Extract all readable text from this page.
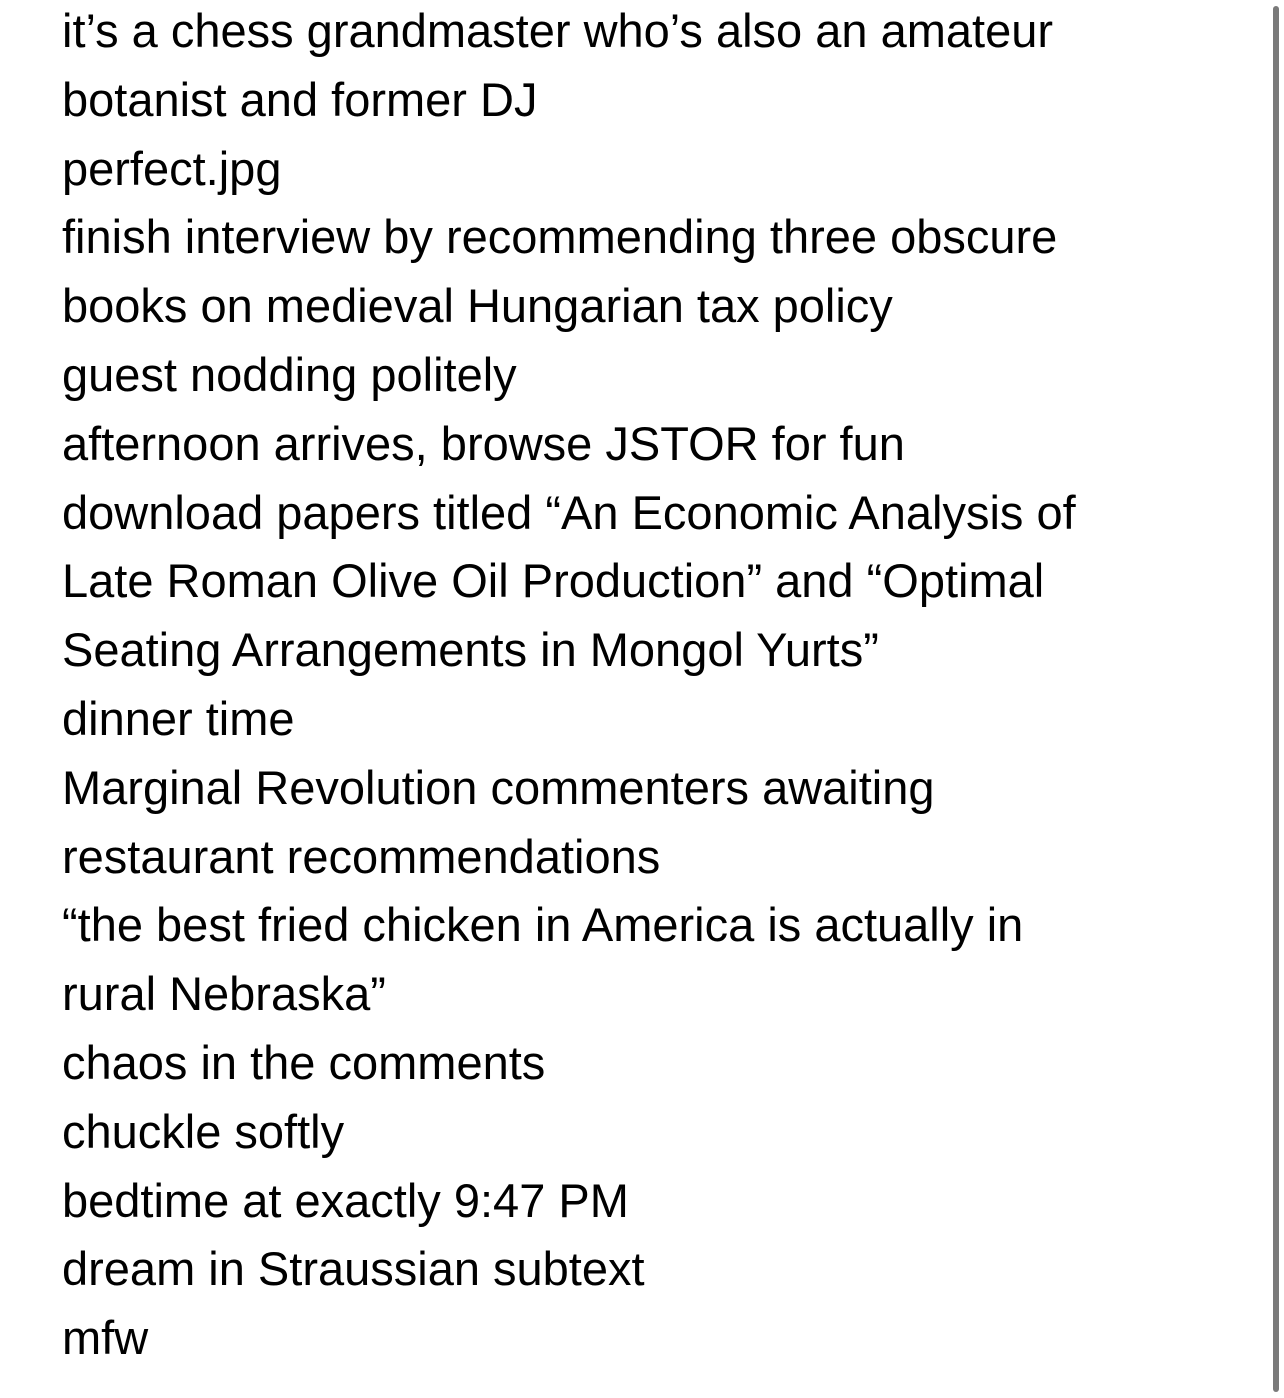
it’s a chess grandmaster who’s also an amateur
botanist and former DJ
perfect.jpg
finish interview by recommending three obscure
books on medieval Hungarian tax policy
guest nodding politely
afternoon arrives, browse JSTOR for fun
download papers titled “An Economic Analysis of
Late Roman Olive Oil Production” and “Optimal
Seating Arrangements in Mongol Yurts”
dinner time
Marginal Revolution commenters awaiting
restaurant recommendations
“the best fried chicken in America is actually in
rural Nebraska”
chaos in the comments
chuckle softly
bedtime at exactly 9:47 PM
dream in Straussian subtext
mfw
